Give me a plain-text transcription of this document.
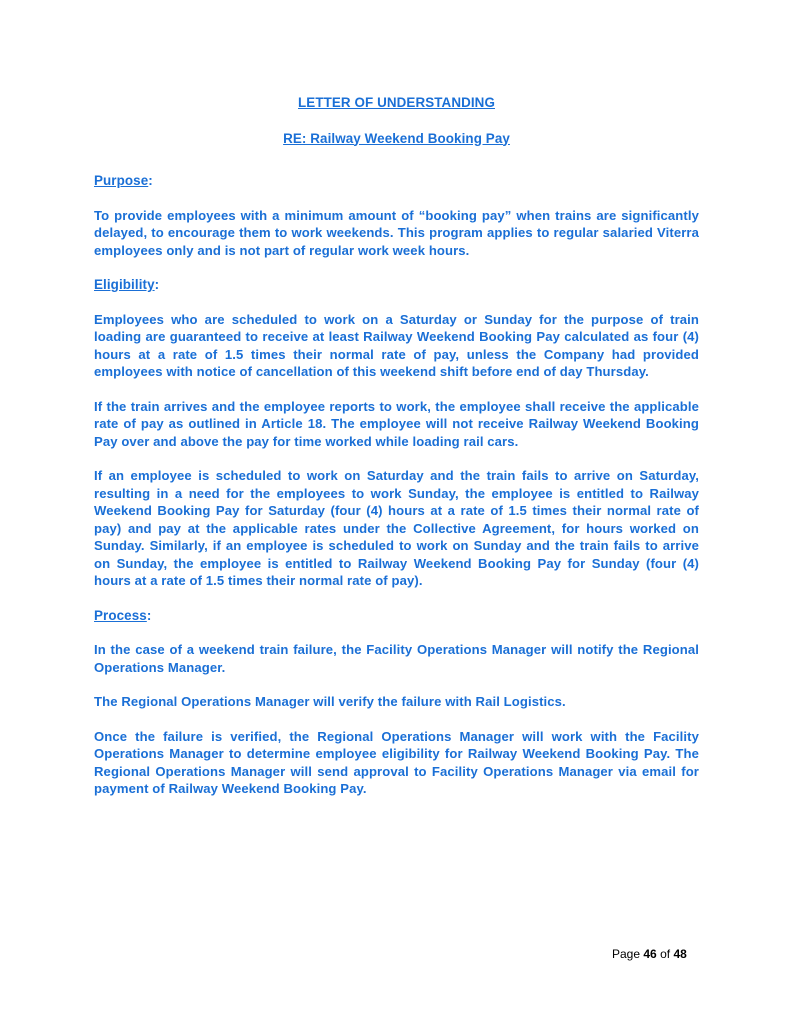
LETTER OF UNDERSTANDING

RE: Railway Weekend Booking Pay

Purpose:

To provide employees with a minimum amount of “booking pay” when trains are significantly delayed, to encourage them to work weekends. This program applies to regular salaried Viterra employees only and is not part of regular work week hours.

Eligibility:

Employees who are scheduled to work on a Saturday or Sunday for the purpose of train loading are guaranteed to receive at least Railway Weekend Booking Pay calculated as four (4) hours at a rate of 1.5 times their normal rate of pay, unless the Company had provided employees with notice of cancellation of this weekend shift before end of day Thursday.

If the train arrives and the employee reports to work, the employee shall receive the applicable rate of pay as outlined in Article 18. The employee will not receive Railway Weekend Booking Pay over and above the pay for time worked while loading rail cars.

If an employee is scheduled to work on Saturday and the train fails to arrive on Saturday, resulting in a need for the employees to work Sunday, the employee is entitled to Railway Weekend Booking Pay for Saturday (four (4) hours at a rate of 1.5 times their normal rate of pay) and pay at the applicable rates under the Collective Agreement, for hours worked on Sunday. Similarly, if an employee is scheduled to work on Sunday and the train fails to arrive on Sunday, the employee is entitled to Railway Weekend Booking Pay for Sunday (four (4) hours at a rate of 1.5 times their normal rate of pay).

Process:

In the case of a weekend train failure, the Facility Operations Manager will notify the Regional Operations Manager.

The Regional Operations Manager will verify the failure with Rail Logistics.

Once the failure is verified, the Regional Operations Manager will work with the Facility Operations Manager to determine employee eligibility for Railway Weekend Booking Pay. The Regional Operations Manager will send approval to Facility Operations Manager via email for payment of Railway Weekend Booking Pay.

Page 46 of 48
